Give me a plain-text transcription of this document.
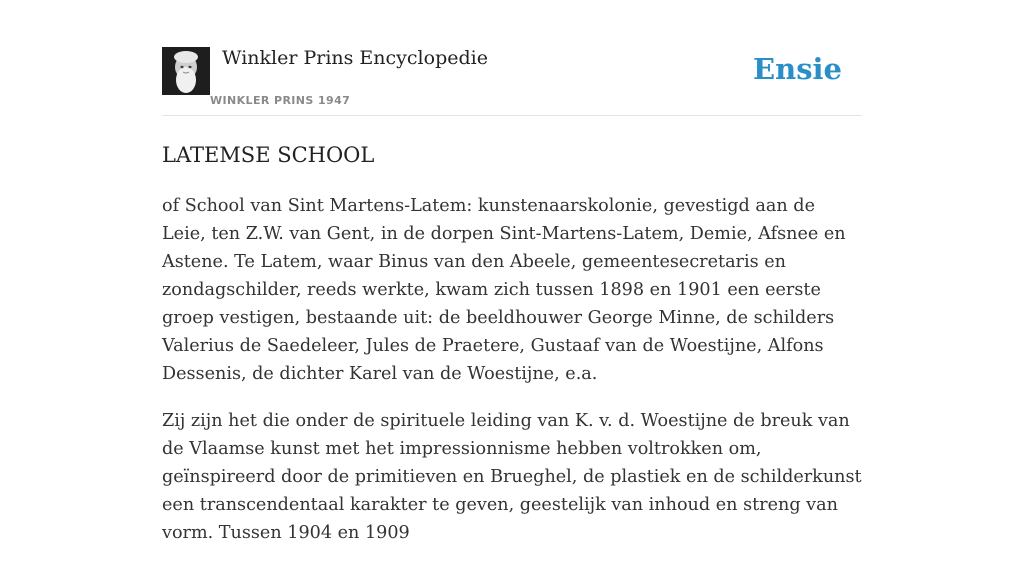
Winkler Prins Encyclopedie
WINKLER PRINS 1947
Ensie
LATEMSE SCHOOL

of School van Sint Martens-Latem: kunstenaarskolonie, gevestigd aan de Leie, ten Z.W. van Gent, in de dorpen Sint-Martens-Latem, Demie, Afsnee en Astene. Te Latem, waar Binus van den Abeele, gemeentesecretaris en zondagschilder, reeds werkte, kwam zich tussen 1898 en 1901 een eerste groep vestigen, bestaande uit: de beeldhouwer George Minne, de schilders Valerius de Saedeleer, Jules de Praetere, Gustaaf van de Woestijne, Alfons Dessenis, de dichter Karel van de Woestijne, e.a.

Zij zijn het die onder de spirituele leiding van K. v. d. Woestijne de breuk van de Vlaamse kunst met het impressionnisme hebben voltrokken om, geïnspireerd door de primitieven en Brueghel, de plastiek en de schilderkunst een transcendentaal karakter te geven, geestelijk van inhoud en streng van vorm. Tussen 1904 en 1909
